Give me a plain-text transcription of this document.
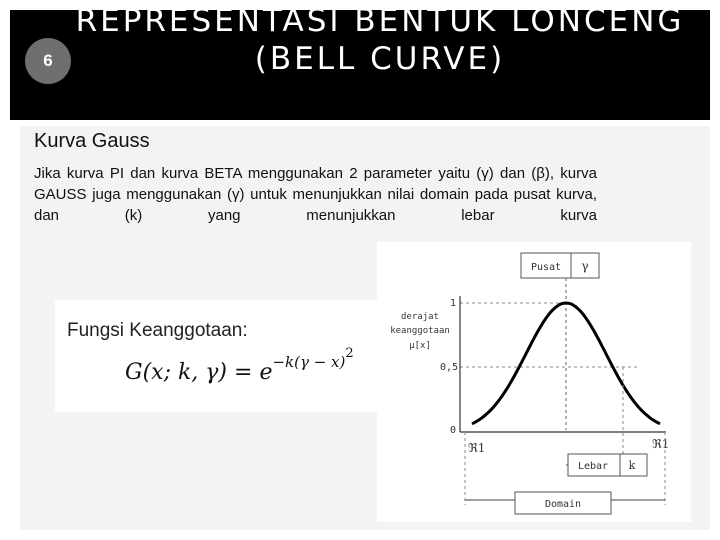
REPRESENTASI BENTUK LONCENG
(BELL CURVE)
6
Kurva Gauss
Jika kurva PI dan kurva BETA menggunakan 2 parameter yaitu (γ) dan (β), kurva GAUSS juga menggunakan (γ) untuk menunjukkan nilai domain pada pusat kurva, dan (k) yang menunjukkan lebar kurva
Fungsi Keanggotaan:
G(x; k, $\gamma) = e^{-k(\gamma - x)2}$
Pusat γ
derajat
keanggotaan
μ[x]
1
0,5
0
ℜ1	ℜ1
Lebar k
Domain
